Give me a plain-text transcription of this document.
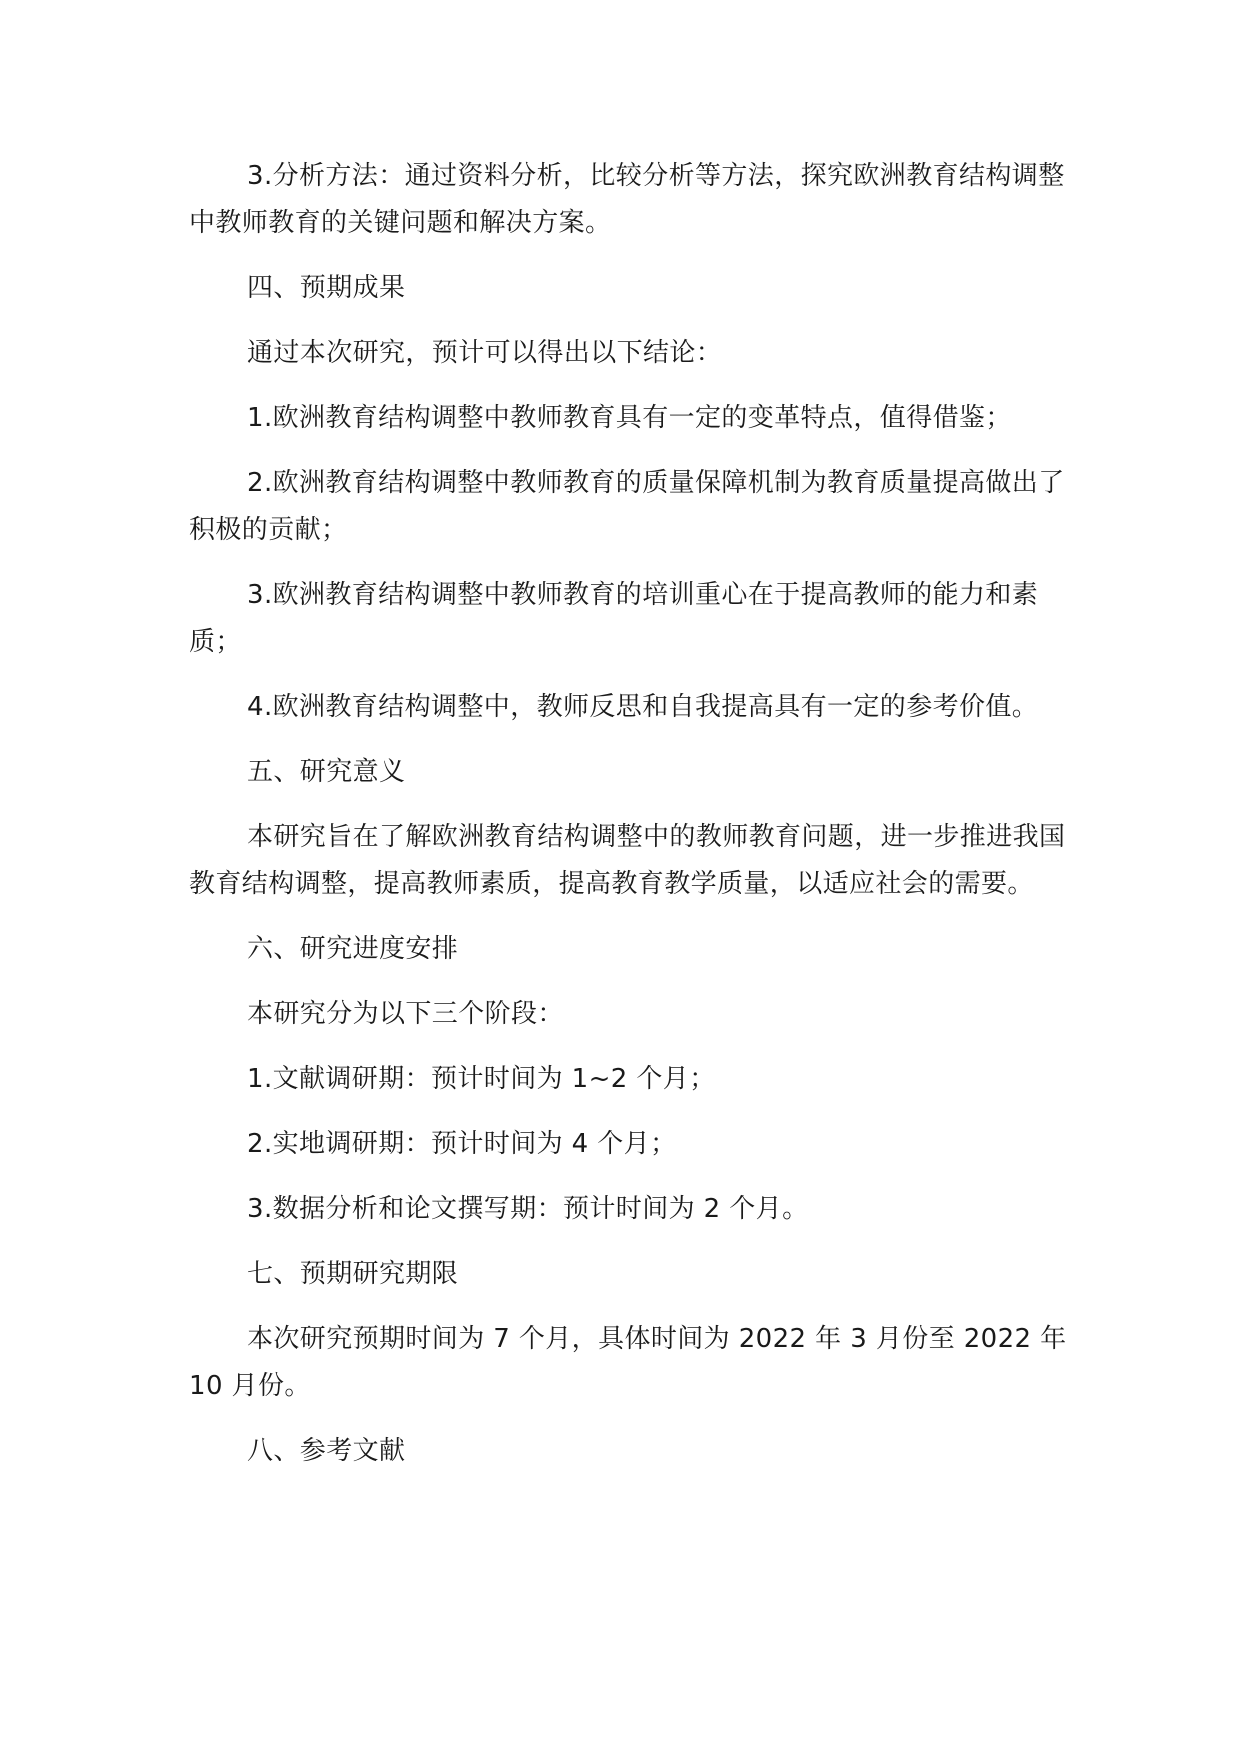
3.分析方法：通过资料分析，比较分析等方法，探究欧洲教育结构调整中教师教育的关键问题和解决方案。

四、预期成果

通过本次研究，预计可以得出以下结论：

1.欧洲教育结构调整中教师教育具有一定的变革特点，值得借鉴；

2.欧洲教育结构调整中教师教育的质量保障机制为教育质量提高做出了积极的贡献；

3.欧洲教育结构调整中教师教育的培训重心在于提高教师的能力和素质；

4.欧洲教育结构调整中，教师反思和自我提高具有一定的参考价值。

五、研究意义

本研究旨在了解欧洲教育结构调整中的教师教育问题，进一步推进我国教育结构调整，提高教师素质，提高教育教学质量，以适应社会的需要。

六、研究进度安排

本研究分为以下三个阶段：

1.文献调研期：预计时间为 1~2 个月；

2.实地调研期：预计时间为 4 个月；

3.数据分析和论文撰写期：预计时间为 2 个月。

七、预期研究期限

本次研究预期时间为 7 个月，具体时间为 2022 年 3 月份至 2022 年 10 月份。

八、参考文献
